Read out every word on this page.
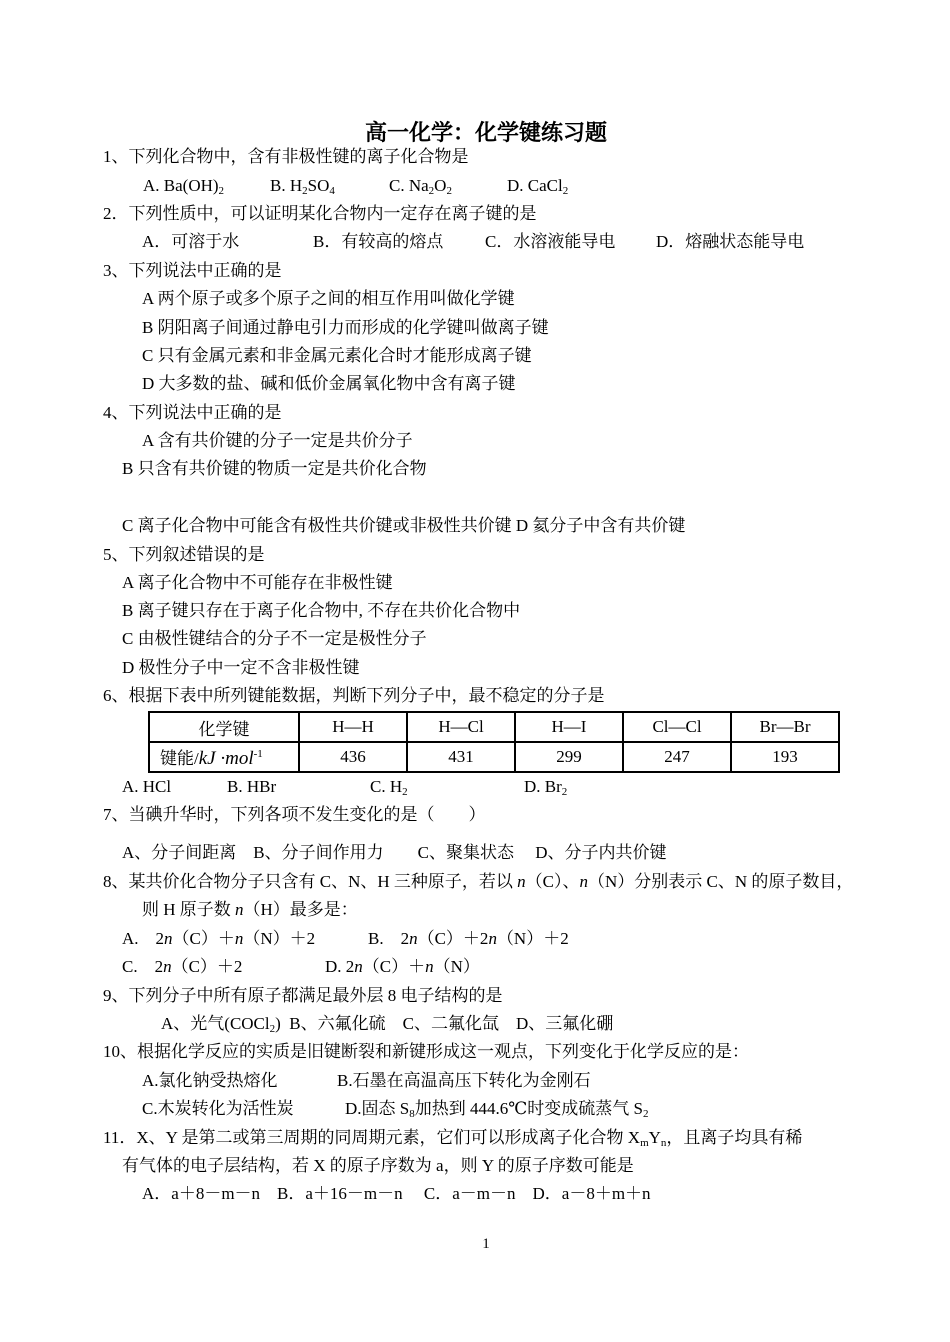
高一化学：化学键练习题
1、下列化合物中，含有非极性键的离子化合物是
A. $Ba(OH)_2$	B. $H_2SO_4$	C. $Na_2O_2$	D. CaCl$_2$
2．下列性质中，可以证明某化合物内一定存在离子键的是
A．可溶于水	B．有较高的熔点 C．水溶液能导电 D．熔融状态能导电
3、下列说法中正确的是
A 两个原子或多个原子之间的相互作用叫做化学键
B 阴阳离子间通过静电引力而形成的化学键叫做离子键
C 只有金属元素和非金属元素化合时才能形成离子键
D 大多数的盐、碱和低价金属氧化物中含有离子键
4、下列说法中正确的是
A 含有共价键的分子一定是共价分子
B 只含有共价键的物质一定是共价化合物
C 离子化合物中可能含有极性共价键或非极性共价键 D 氦分子中含有共价键
5、下列叙述错误的是
A 离子化合物中不可能存在非极性键
B 离子键只存在于离子化合物中, 不存在共价化合物中
C 由极性键结合的分子不一定是极性分子
D 极性分子中一定不含非极性键
6、根据下表中所列键能数据，判断下列分子中，最不稳定的分子是
化学键	H—H	H—Cl	H—I	Cl—Cl	Br—Br
键能/kJ ·mol$^{-1}$	436	431	299	247	193
A. HCl	B. HBr	C. $H_2$	D. $Br_2$
7、当碘升华时，下列各项不发生变化的是（　　）
A、分子间距离　B、分子间作用力　　C、聚集状态　 D、分子内共价键
8、某共价化合物分子只含有 C、N、H 三种原子，若以 n（C）、n（N）分别表示 C、N 的原子数目，
则 H 原子数 n（H）最多是：
A.　2n（C）＋n（N）＋2	B.　2n（C）＋2n（N）＋2
C.　2n（C）＋2	D. 2n（C）＋n（N）
9、下列分子中所有原子都满足最外层 8 电子结构的是
A、光气(COCl$_2$) B、六氟化硫　C、二氟化氙　D、三氟化硼
10、根据化学反应的实质是旧键断裂和新键形成这一观点，下列变化于化学反应的是：
A.氯化钠受热熔化	B.石墨在高温高压下转化为金刚石
C.木炭转化为活性炭	D.固态 $S_8$加热到 444.6℃时变成硫蒸气 $S_2$
11．X、Y 是第二或第三周期的同周期元素，它们可以形成离子化合物 $X_mY_n$，且离子均具有稀
有气体的电子层结构，若 X 的原子序数为 a，则 Y 的原子序数可能是
A．a＋8－m－n　B．a＋16－m－n　 C．a－m－n　D．a－8＋m＋n
1
